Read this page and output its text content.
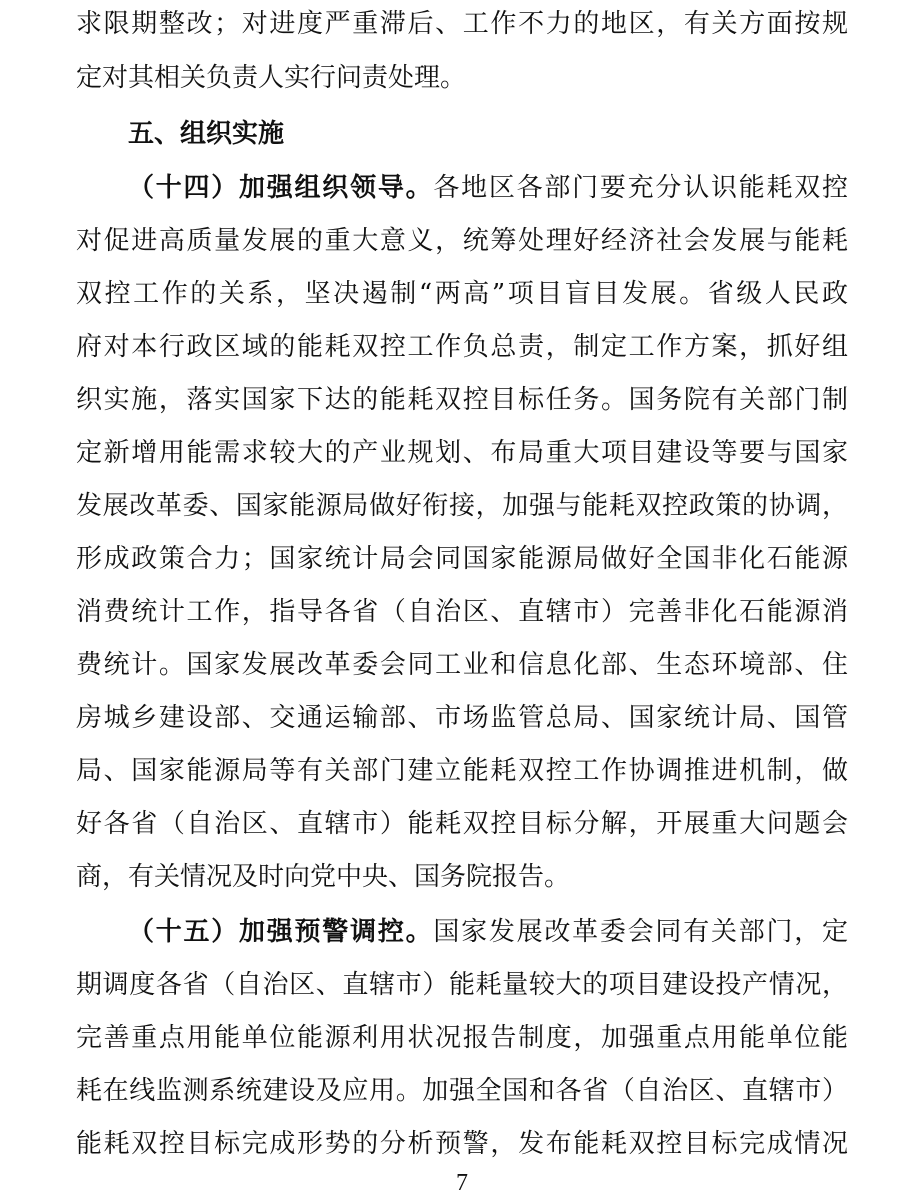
求限期整改；对进度严重滞后、工作不力的地区，有关方面按规
定对其相关负责人实行问责处理。
五、组织实施
（十四）加强组织领导。各地区各部门要充分认识能耗双控
对促进高质量发展的重大意义，统筹处理好经济社会发展与能耗
双控工作的关系，坚决遏制“两高”项目盲目发展。省级人民政
府对本行政区域的能耗双控工作负总责，制定工作方案，抓好组
织实施，落实国家下达的能耗双控目标任务。国务院有关部门制
定新增用能需求较大的产业规划、布局重大项目建设等要与国家
发展改革委、国家能源局做好衔接，加强与能耗双控政策的协调，
形成政策合力；国家统计局会同国家能源局做好全国非化石能源
消费统计工作，指导各省（自治区、直辖市）完善非化石能源消
费统计。国家发展改革委会同工业和信息化部、生态环境部、住
房城乡建设部、交通运输部、市场监管总局、国家统计局、国管
局、国家能源局等有关部门建立能耗双控工作协调推进机制，做
好各省（自治区、直辖市）能耗双控目标分解，开展重大问题会
商，有关情况及时向党中央、国务院报告。
（十五）加强预警调控。国家发展改革委会同有关部门，定
期调度各省（自治区、直辖市）能耗量较大的项目建设投产情况，
完善重点用能单位能源利用状况报告制度，加强重点用能单位能
耗在线监测系统建设及应用。加强全国和各省（自治区、直辖市）
能耗双控目标完成形势的分析预警，发布能耗双控目标完成情况
7
